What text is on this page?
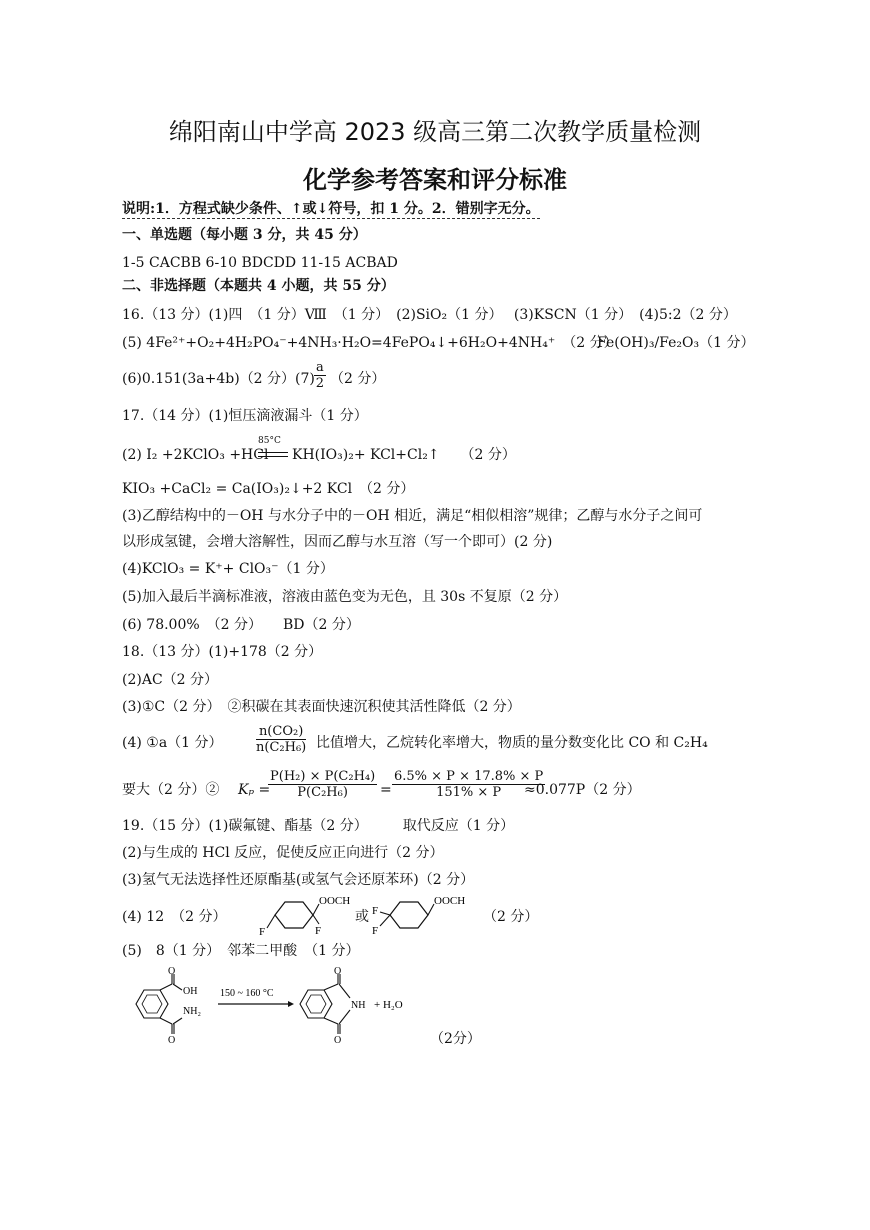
绵阳南山中学高 2023 级高三第二次教学质量检测
化学参考答案和评分标准
说明:1．方程式缺少条件、↑或↓符号，扣 1 分。2．错别字无分。
一、单选题（每小题 3 分，共 45 分）
1-5 CACBB 6-10 BDCDD 11-15 ACBAD
二、非选择题（本题共 4 小题，共 55 分）
16.（13 分）(1)四　（1 分）Ⅷ　（1 分）　(2)SiO₂（1 分）　 (3)KSCN（1 分）　(4)5:2（2 分）
(5) 4Fe²⁺+O₂+4H₂PO₄⁻+4NH₃·H₂O=4FePO₄↓+6H₂O+4NH₄⁺　（2 分）
Fe(OH)₃/Fe₂O₃（1 分）
(6)0.151(3a+4b)（2 分）$(7) \frac{a}{2} (2$ 分）
17.（14 分）(1)恒压滴液漏斗（1 分）
(2) I₂ +2KClO₃ +HCl
85°C
KH(IO₃)₂+ KCl+Cl₂↑　　（2 分）
KIO₃ +CaCl₂ = Ca(IO₃)₂↓+2 KCl　（2 分）
(3)乙醇结构中的－OH 与水分子中的－OH 相近，满足“相似相溶”规律；乙醇与水分子之间可
以形成氢键，会增大溶解性，因而乙醇与水互溶（写一个即可）(2 分)
(4)KClO₃ = K⁺+ ClO₃⁻（1 分）
(5)加入最后半滴标准液，溶液由蓝色变为无色，且 30s 不复原（2 分）
(6) 78.00%　（2 分）　　BD（2 分）
18.（13 分）(1)+178（2 分）
(2)AC（2 分）
(3)①C（2 分）　②积碳在其表面快速沉积使其活性降低（2 分）
(4) ①a（1 分）	$\frac{\text{n(CO₂)}}{\text{n(C₂H₆)}}$ 比值增大，乙烷转化率增大，物质的量分数变化比 CO 和 C₂H₄
要大（2 分）② Kₚ =
$\frac{\text{P(H₂) × P(C₂H₄)}}{\text{P(C₂H₆)}} = \frac{6.5\% \times P \times 17.8\% \times P}{151\% \times P}$
≈0.077P（2 分）
19.（15 分）(1)碳氟键、酯基（2 分）　　　取代反应（1 分）
(2)与生成的 HCl 反应，促使反应正向进行（2 分）
(3)氢气无法选择性还原酯基(或氢气会还原苯环)（2 分）
(4) 12　（2 分）
OOCH
F
F
或
OOCH
F
F
（2 分）
(5)　8（1 分）　邻苯二甲酸　（1 分）
O
OH
O
NH₂
150 ~ 160 °C
O
NH
O
+ H₂O
（2分）
